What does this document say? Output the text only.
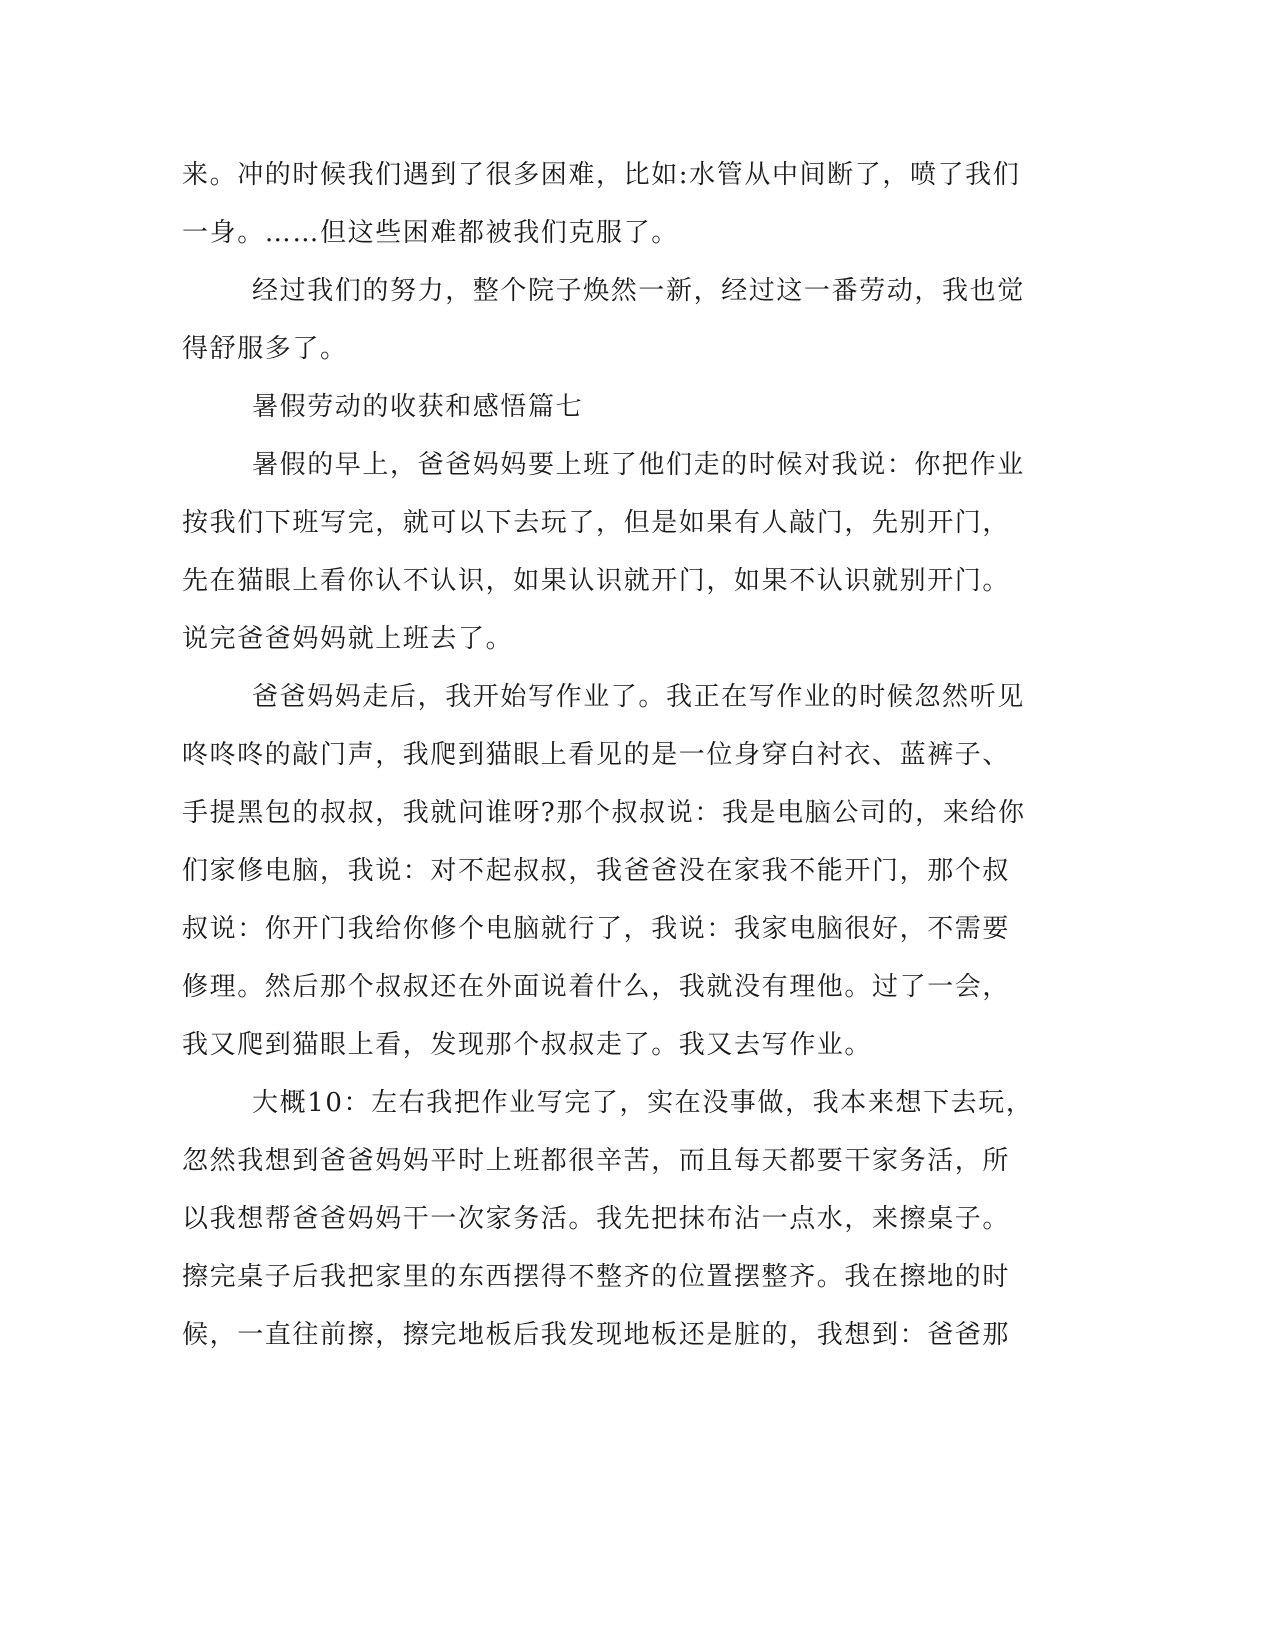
来。冲的时候我们遇到了很多困难，比如:水管从中间断了，喷了我们
一身。……但这些困难都被我们克服了。
经过我们的努力，整个院子焕然一新，经过这一番劳动，我也觉
得舒服多了。
暑假劳动的收获和感悟篇七
暑假的早上，爸爸妈妈要上班了他们走的时候对我说：你把作业
按我们下班写完，就可以下去玩了，但是如果有人敲门，先别开门，
先在猫眼上看你认不认识，如果认识就开门，如果不认识就别开门。
说完爸爸妈妈就上班去了。
爸爸妈妈走后，我开始写作业了。我正在写作业的时候忽然听见
咚咚咚的敲门声，我爬到猫眼上看见的是一位身穿白衬衣、蓝裤子、
手提黑包的叔叔，我就问谁呀?那个叔叔说：我是电脑公司的，来给你
们家修电脑，我说：对不起叔叔，我爸爸没在家我不能开门，那个叔
叔说：你开门我给你修个电脑就行了，我说：我家电脑很好，不需要
修理。然后那个叔叔还在外面说着什么，我就没有理他。过了一会，
我又爬到猫眼上看，发现那个叔叔走了。我又去写作业。
大概10：左右我把作业写完了，实在没事做，我本来想下去玩，
忽然我想到爸爸妈妈平时上班都很辛苦，而且每天都要干家务活，所
以我想帮爸爸妈妈干一次家务活。我先把抹布沾一点水，来擦桌子。
擦完桌子后我把家里的东西摆得不整齐的位置摆整齐。我在擦地的时
候，一直往前擦，擦完地板后我发现地板还是脏的，我想到：爸爸那
